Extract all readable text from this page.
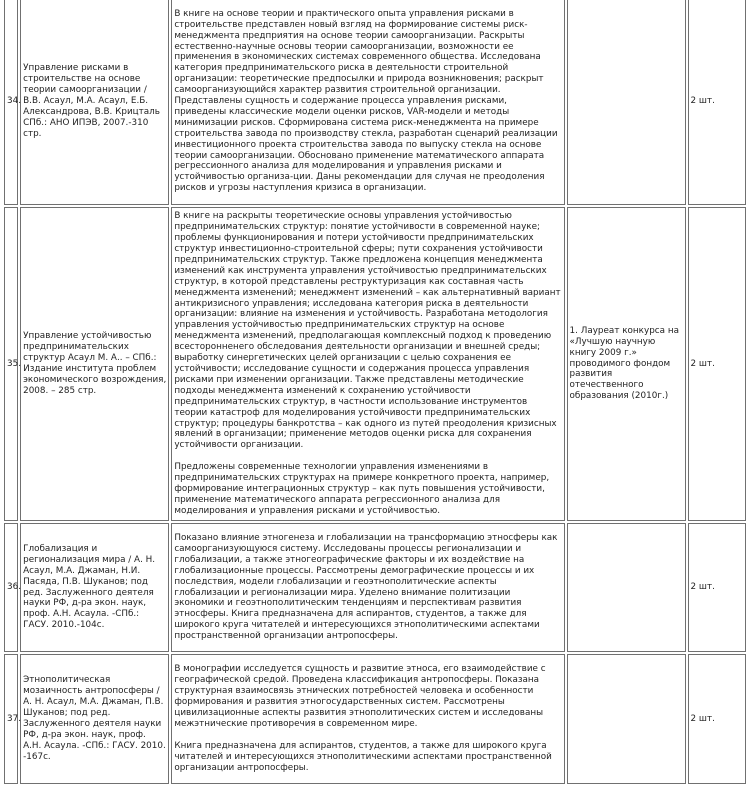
34.	Управление рисками в строительстве на основе теории самоорганизации / В.В. Асаул, М.А. Асаул, Е.Б. Александрова, В.В. Крицталь СПб.: АНО ИПЭВ, 2007.-310 стр.	В книге на основе теории и практического опыта управления рисками в строительстве представлен новый взгляд на формирование системы риск-менеджмента предприятия на основе теории самоорганизации. Раскрыты естественно-научные основы теории самоорганизации, возможности ее применения в экономических системах современного общества. Исследована категория предпринимательского риска в деятельности строительной организации: теоретические предпосылки и природа возникновения; раскрыт самоорганизующийся характер развития строительной организации. Представлены сущность и содержание процесса управления рисками, приведены классические модели оценки рисков, VAR-модели и методы минимизации рисков. Сформирована система риск-менеджмента на примере строительства завода по производству стекла, разработан сценарий реализации инвестиционного проекта строительства завода по выпуску стекла на основе теории самоорганизации. Обосновано применение математического аппарата регрессионного анализа для моделирования и управления рисками и устойчивостью организа-ции. Даны рекомендации для случая не преодоления рисков и угрозы наступления кризиса в организации.		2 шт.
35.	Управление устойчивостью предпринимательских структур Асаул М. А.. – СПб.: Издание института проблем экономического возрождения, 2008. – 285 стр.	В книге на раскрыты теоретические основы управления устойчивостью предпринимательских структур: понятие устойчивости в современной науке; проблемы функционирования и потери устойчивости предпринимательских структур инвестиционно-строительной сферы; пути сохранения устойчивости предпринимательских структур. Также предложена концепция менеджмента изменений как инструмента управления устойчивостью предпринимательских структур, в которой представлены реструктуризация как составная часть менеджмента изменений; менеджмент изменений – как альтернативный вариант антикризисного управления; исследована категория риска в деятельности организации: влияние на изменения и устойчивость. Разработана методология управления устойчивостью предпринимательских структур на основе менеджмента изменений, предполагающая комплексный подход к проведению всесторонненего обследования деятельности организации и внешней среды; выработку синергетических целей организации с целью сохранения ее устойчивости; исследование сущности и содержания процесса управления рисками при изменении организации. Также представлены методические подходы менеджмента изменений к сохранению устойчивости предпринимательских структур, в частности использование инструментов теории катастроф для моделирования устойчивости предпринимательских структур; процедуры банкротства – как одного из путей преодоления кризисных явлений в организации; применение методов оценки риска для сохранения устойчивости организации.

Предложены современные технологии управления изменениями в предпринимательских структурах на примере конкретного проекта, например, формирование интеграционных структур – как путь повышения устойчивости, применение математического аппарата регрессионного анализа для моделирования и управления рисками и устойчивостью.	1. Лауреат конкурса на «Лучшую научную книгу 2009 г.» проводимого фондом развития отечественного образования (2010г.)	2 шт.
36.	Глобализация и регионализация мира / А. Н. Асаул, М.А. Джаман, Н.И. Пасяда, П.В. Шуканов; под ред. Заслуженного деятеля науки РФ, д-ра экон. наук, проф. А.Н. Асаула. -СПб.: ГАСУ. 2010.-104с.	Показано влияние этногенеза и глобализации на трансформацию этносферы как самоорганизующуюся систему. Исследованы процессы регионализации и глобализации, а также этногеографические факторы и их воздействие на глобализационные процессы. Рассмотрены демографические процессы и их последствия, модели глобализации и геоэтнополитические аспекты глобализации и регионализации мира. Уделено внимание политизации экономики и геоэтнополитическим тенденциям и перспективам развития этносферы. Книга предназначена для аспирантов, студентов, а также для широкого круга читателей и интересующихся этнополитическими аспектами пространственной организации антропосферы.		2 шт.
37.	Этнополитическая мозаичность антропосферы / А. Н. Асаул, М.А. Джаман, П.В. Шуканов; под ред. Заслуженного деятеля науки РФ, д-ра экон. наук, проф. А.Н. Асаула. -СПб.: ГАСУ. 2010. -167с.	В монографии исследуется сущность и развитие этноса, его взаимодействие с географической средой. Проведена классификация антропосферы. Показана структурная взаимосвязь этнических потребностей человека и особенности формирования и развития этногосударственных систем. Рассмотрены цивилизационные аспекты развития этнополитических систем и исследованы межэтнические противоречия в современном мире.

Книга предназначена для аспирантов, студентов, а также для широкого круга читателей и интересующихся этнополитическими аспектами пространственной организации антропосферы.		2 шт.
